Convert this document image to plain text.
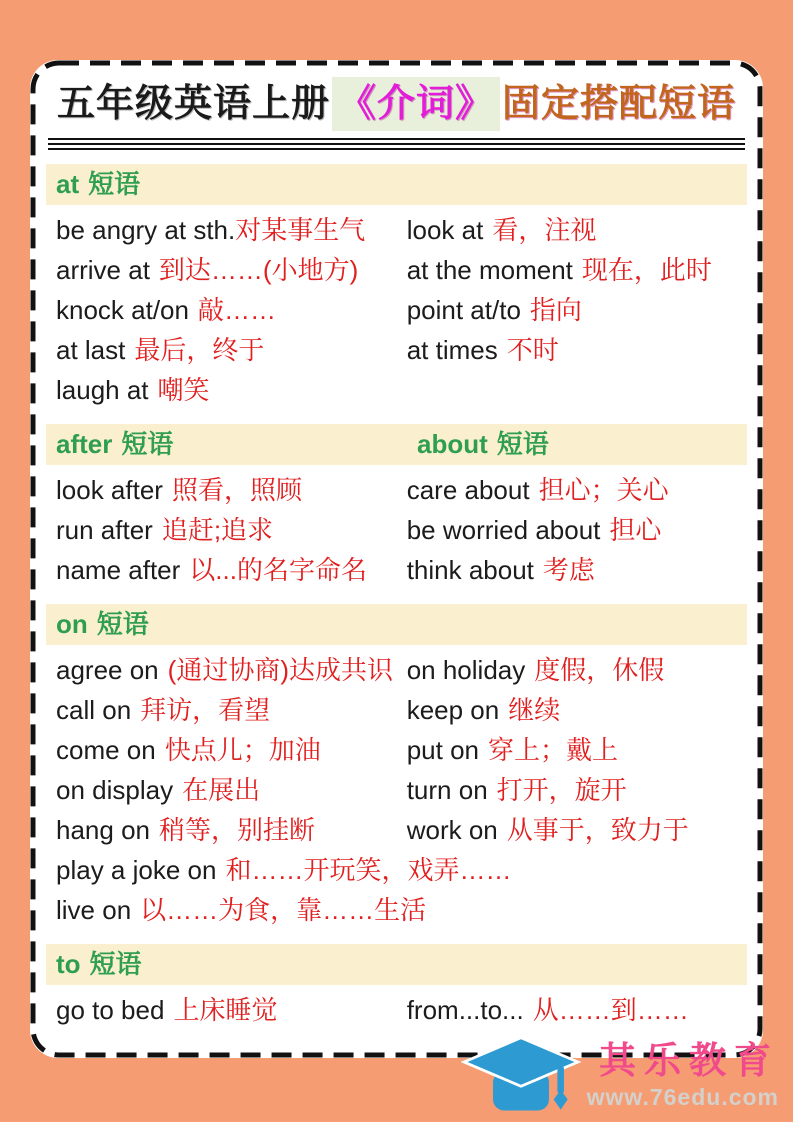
五年级英语上册 《介词》 固定搭配短语
at 短语
be angry at sth.对某事生气
arrive at 到达……(小地方)
knock at/on 敲……
at last 最后，终于
laugh at 嘲笑
look at 看，注视
at the moment 现在，此时
point at/to 指向
at times 不时
after 短语	about 短语
look after 照看，照顾
run after 追赶;追求
name after 以...的名字命名
care about 担心；关心
be worried about 担心
think about 考虑
on 短语
agree on (通过协商)达成共识
call on 拜访，看望
come on 快点儿；加油
on display 在展出
hang on 稍等，别挂断
on holiday 度假，休假
keep on 继续
put on 穿上；戴上
turn on 打开，旋开
work on 从事于，致力于
play a joke on 和……开玩笑，戏弄……
live on 以……为食，靠……生活
to 短语
go to bed 上床睡觉	from...to... 从……到……
其乐教育
www.76edu.com
